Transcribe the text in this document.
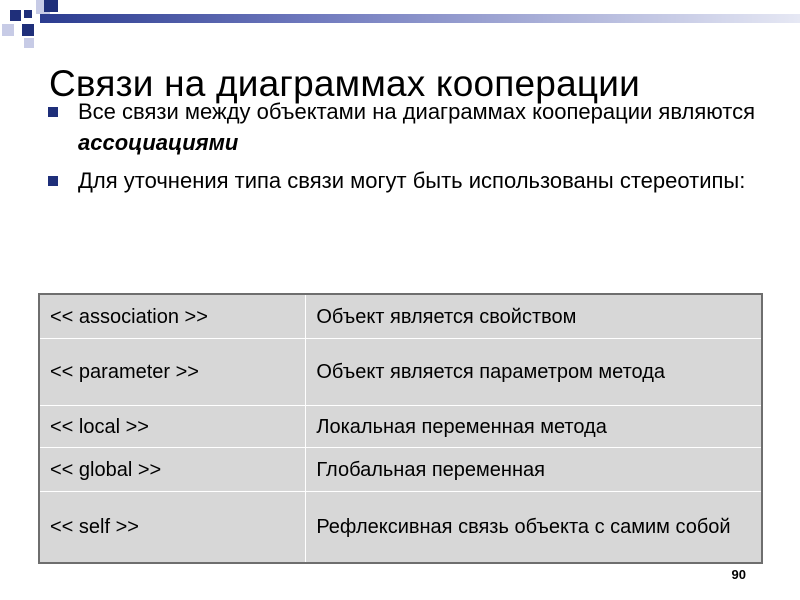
Связи на диаграммах кооперации
Все связи между объектами на диаграммах кооперации являются ассоциациями
Для уточнения типа связи могут быть использованы стереотипы:
<< association >>	Объект является свойством
<< parameter >>	Объект является параметром метода
<< local >>	Локальная переменная метода
<< global >>	Глобальная переменная
<< self >>	Рефлексивная связь объекта с самим собой
90
